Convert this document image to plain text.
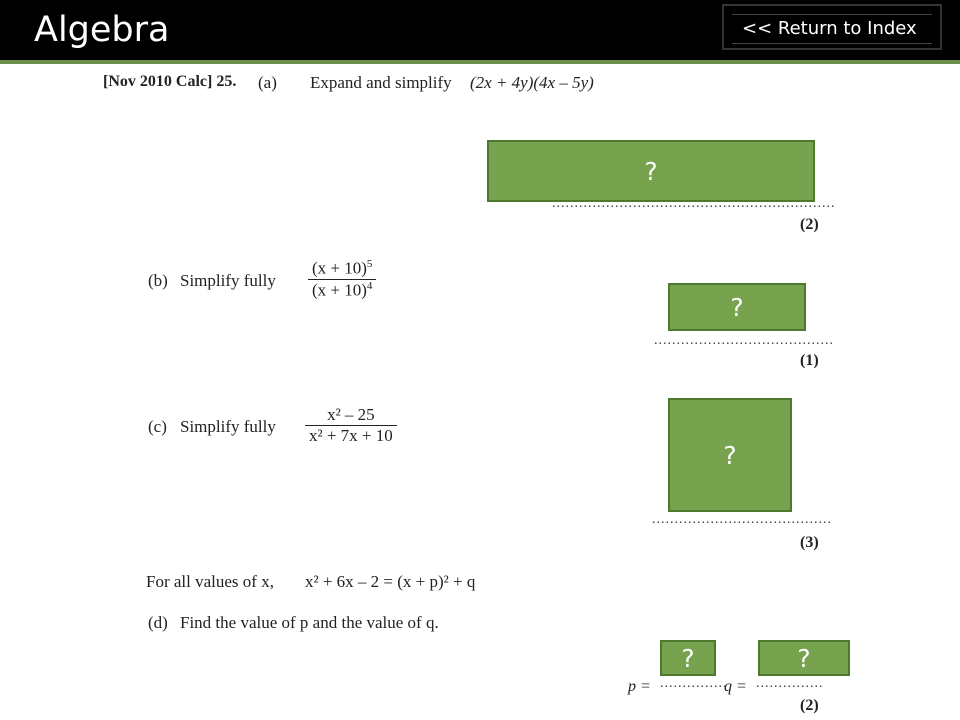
Algebra	<< Return to Index
[Nov 2010 Calc] 25. (a) Expand and simplify (2x + 4y)(4x – 5y)
?
...............................................................
(2)
(b) Simplify fully $\frac{(x + 10)^5}{(x + 10)^4}$
?
........................................
(1)
(c) Simplify fully $\frac{\text{x² – 25}}{\text{x² + 7x + 10}}$
?
........................................
(3)
For all values of x, x² + 6x – 2 = (x + p)² + q
(d) Find the value of p and the value of q.
?	?
p = ...............
q = ...............
(2)
